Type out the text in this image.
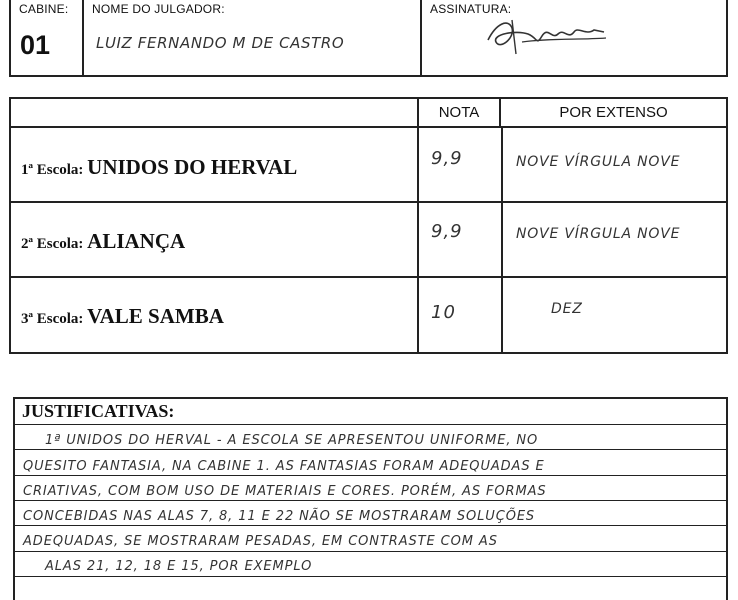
CABINE:
01
NOME DO JULGADOR:
LUIZ FERNANDO M DE CASTRO
ASSINATURA:
NOTA	POR EXTENSO
1ª Escola: UNIDOS DO HERVAL	9,9	NOVE VÍRGULA NOVE
2ª Escola: ALIANÇA	9,9	NOVE VÍRGULA NOVE
3ª Escola: VALE SAMBA	10	DEZ
JUSTIFICATIVAS:
1ª UNIDOS DO HERVAL - A ESCOLA SE APRESENTOU UNIFORME, NO
QUESITO FANTASIA, NA CABINE 1. AS FANTASIAS FORAM ADEQUADAS E
CRIATIVAS, COM BOM USO DE MATERIAIS E CORES. PORÉM, AS FORMAS
CONCEBIDAS NAS ALAS 7, 8, 11 E 22 NÃO SE MOSTRARAM SOLUÇÕES
ADEQUADAS, SE MOSTRARAM PESADAS, EM CONTRASTE COM AS
ALAS 21, 12, 18 E 15, POR EXEMPLO
